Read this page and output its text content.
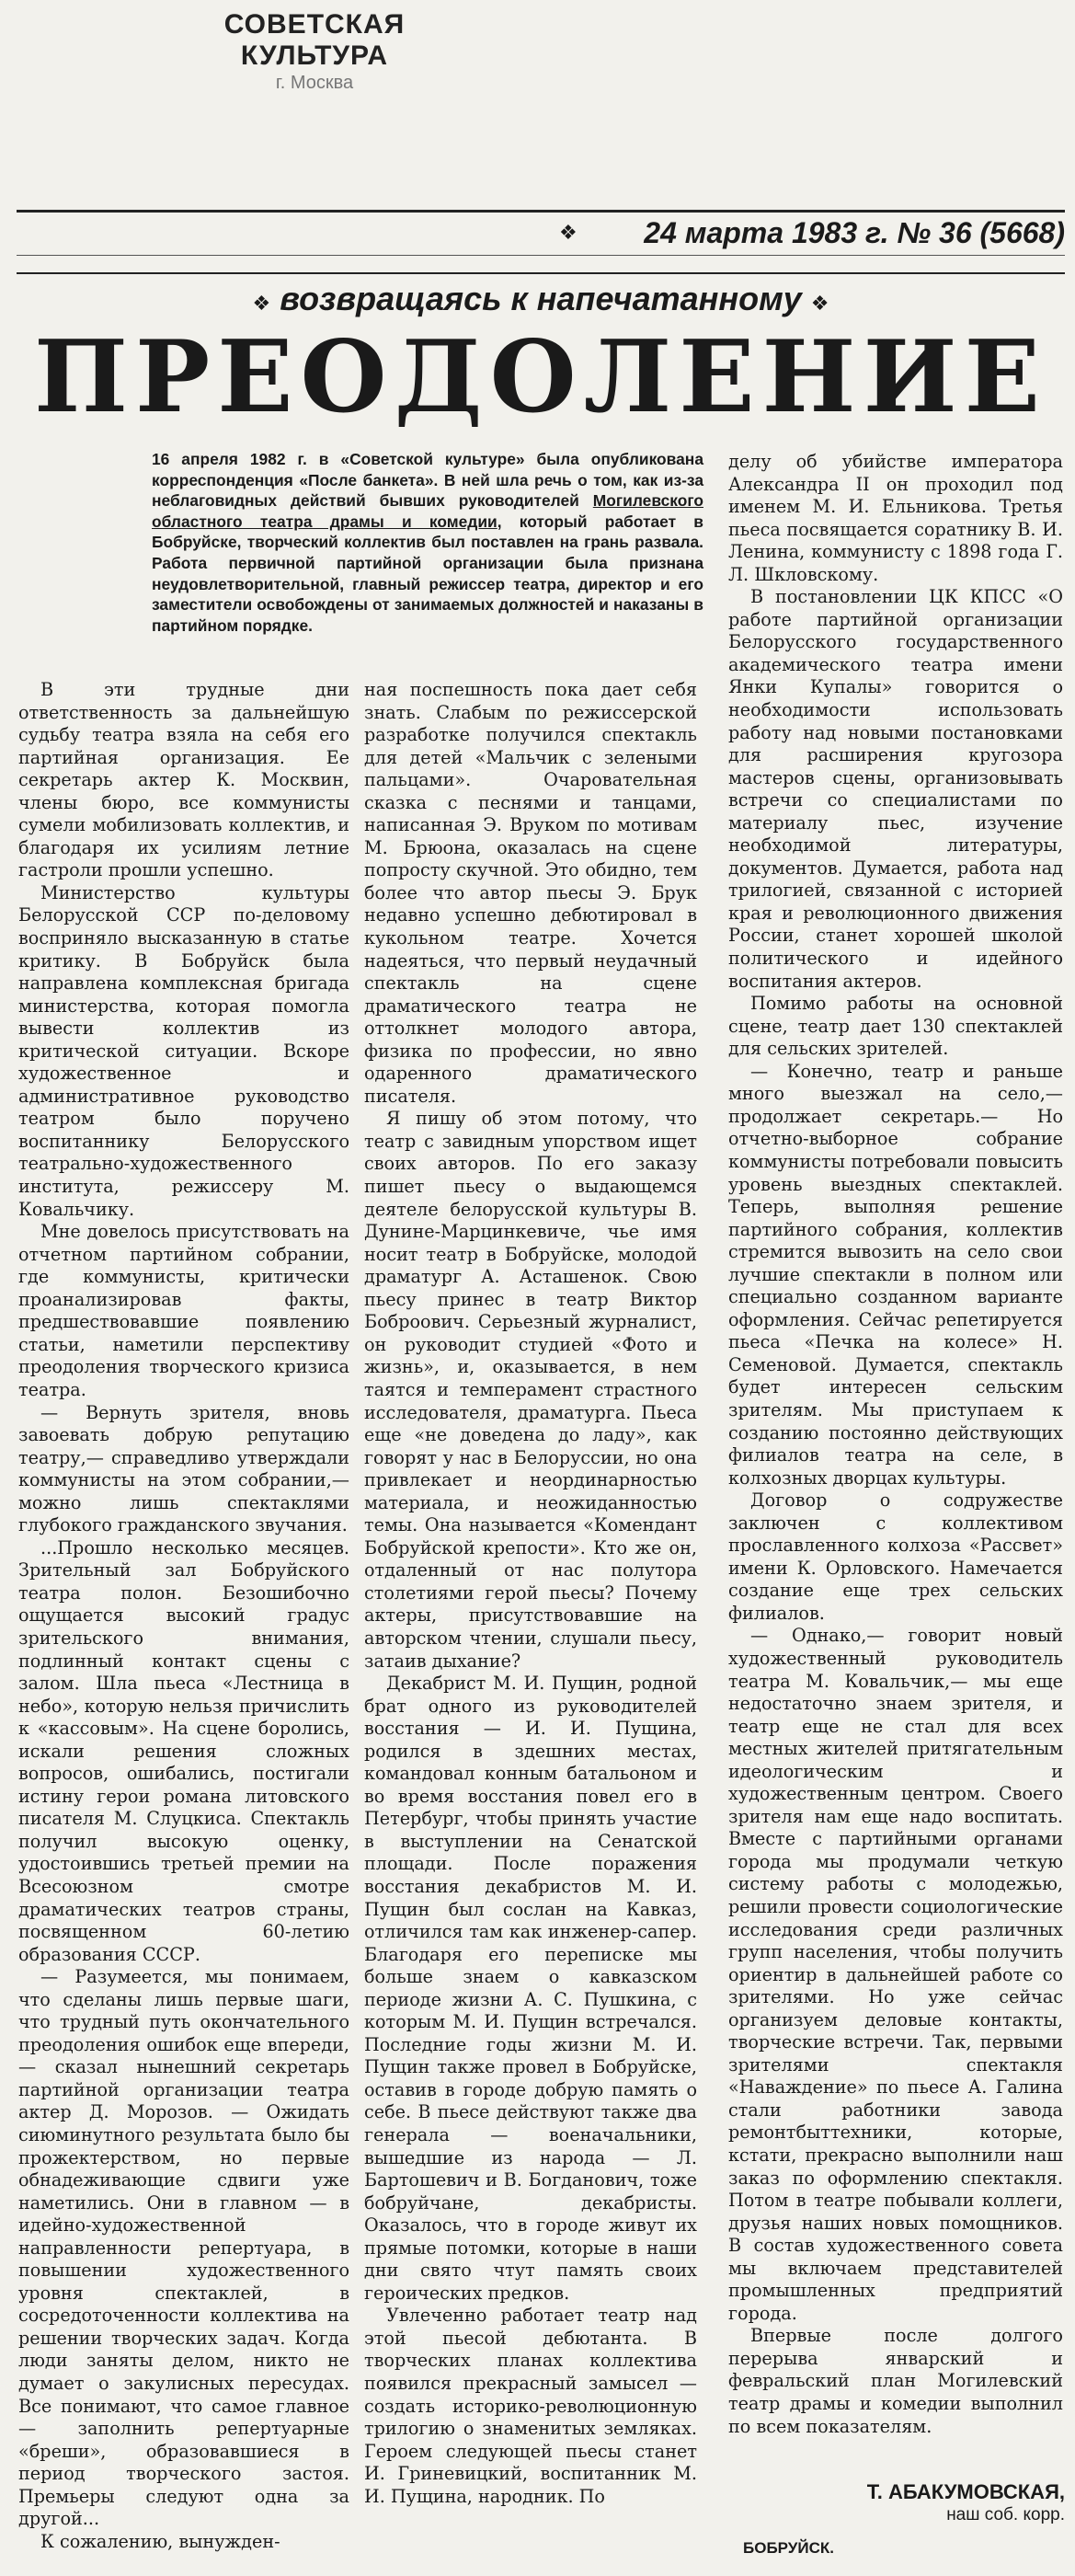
СОВЕТСКАЯ КУЛЬТУРА
г. Москва
❖ 24 марта 1983 г. № 36 (5668)
❖ возвращаясь к напечатанному ❖
ПРЕОДОЛЕНИЕ
16 апреля 1982 г. в «Советской культуре» была опубликована корреспонденция «После банкета». В ней шла речь о том, как из-за неблаговидных действий бывших руководителей Могилевского областного театра драмы и комедии, который работает в Бобруйске, творческий коллектив был поставлен на грань развала. Работа первичной партийной организации была признана неудовлетворительной, главный режиссер театра, директор и его заместители освобождены от занимаемых должностей и наказаны в партийном порядке.

В эти трудные дни ответственность за дальнейшую судьбу театра взяла на себя его партийная организация. Ее секретарь актер К. Москвин, члены бюро, все коммунисты сумели мобилизовать коллектив, и благодаря их усилиям летние гастроли прошли успешно.

Министерство культуры Белорусской ССР по-деловому восприняло высказанную в статье критику. В Бобруйск была направлена комплексная бригада министерства, которая помогла вывести коллектив из критической ситуации. Вскоре художественное и административное руководство театром было поручено воспитаннику Белорусского театрально-художественного института, режиссеру М. Ковальчику.

Мне довелось присутствовать на отчетном партийном собрании, где коммунисты, критически проанализировав факты, предшествовавшие появлению статьи, наметили перспективу преодоления творческого кризиса театра.

— Вернуть зрителя, вновь завоевать добрую репутацию театру,— справедливо утверждали коммунисты на этом собрании,— можно лишь спектаклями глубокого гражданского звучания.

...Прошло несколько месяцев. Зрительный зал Бобруйского театра полон. Безошибочно ощущается высокий градус зрительского внимания, подлинный контакт сцены с залом. Шла пьеса «Лестница в небо», которую нельзя причислить к «кассовым». На сцене боролись, искали решения сложных вопросов, ошибались, постигали истину герои романа литовского писателя М. Слуцкиса. Спектакль получил высокую оценку, удостоившись третьей премии на Всесоюзном смотре драматических театров страны, посвященном 60-летию образования СССР.

— Разумеется, мы понимаем, что сделаны лишь первые шаги, что трудный путь окончательного преодоления ошибок еще впереди,— сказал нынешний секретарь партийной организации театра актер Д. Морозов. — Ожидать сиюминутного результата было бы прожектерством, но первые обнадеживающие сдвиги уже наметились. Они в главном — в идейно-художественной направленности репертуара, в повышении художественного уровня спектаклей, в сосредоточенности коллектива на решении творческих задач. Когда люди заняты делом, никто не думает о закулисных пересудах. Все понимают, что самое главное — заполнить репертуарные «бреши», образовавшиеся в период творческого застоя. Премьеры следуют одна за другой...

К сожалению, вынужден-

ная поспешность пока дает себя знать. Слабым по режиссерской разработке получился спектакль для детей «Мальчик с зелеными пальцами». Очаровательная сказка с песнями и танцами, написанная Э. Вруком по мотивам М. Брюона, оказалась на сцене попросту скучной. Это обидно, тем более что автор пьесы Э. Брук недавно успешно дебютировал в кукольном театре. Хочется надеяться, что первый неудачный спектакль на сцене драматического театра не оттолкнет молодого автора, физика по профессии, но явно одаренного драматического писателя.

Я пишу об этом потому, что театр с завидным упорством ищет своих авторов. По его заказу пишет пьесу о выдающемся деятеле белорусской культуры В. Дунине-Марцинкевиче, чье имя носит театр в Бобруйске, молодой драматург А. Асташенок. Свою пьесу принес в театр Виктор Боброович. Серьезный журналист, он руководит студией «Фото и жизнь», и, оказывается, в нем таятся и темперамент страстного исследователя, драматурга. Пьеса еще «не доведена до ладу», как говорят у нас в Белоруссии, но она привлекает и неординарностью материала, и неожиданностью темы. Она называется «Комендант Бобруйской крепости». Кто же он, отдаленный от нас полутора столетиями герой пьесы? Почему актеры, присутствовавшие на авторском чтении, слушали пьесу, затаив дыхание?

Декабрист М. И. Пущин, родной брат одного из руководителей восстания — И. И. Пущина, родился в здешних местах, командовал конным батальоном и во время восстания повел его в Петербург, чтобы принять участие в выступлении на Сенатской площади. После поражения восстания декабристов М. И. Пущин был сослан на Кавказ, отличился там как инженер-сапер. Благодаря его переписке мы больше знаем о кавказском периоде жизни А. С. Пушкина, с которым М. И. Пущин встречался. Последние годы жизни М. И. Пущин также провел в Бобруйске, оставив в городе добрую память о себе. В пьесе действуют также два генерала — военачальники, вышедшие из народа — Л. Бартошевич и В. Богданович, тоже бобруйчане, декабристы. Оказалось, что в городе живут их прямые потомки, которые в наши дни свято чтут память своих героических предков.

Увлеченно работает театр над этой пьесой дебютанта. В творческих планах коллектива появился прекрасный замысел — создать историко-революционную трилогию о знаменитых земляках. Героем следующей пьесы станет И. Гриневицкий, воспитанник М. И. Пущина, народник. По

делу об убийстве императора Александра II он проходил под именем М. И. Ельникова. Третья пьеса посвящается соратнику В. И. Ленина, коммунисту с 1898 года Г. Л. Шкловскому.

В постановлении ЦК КПСС «О работе партийной организации Белорусского государственного академического театра имени Янки Купалы» говорится о необходимости использовать работу над новыми постановками для расширения кругозора мастеров сцены, организовывать встречи со специалистами по материалу пьес, изучение необходимой литературы, документов. Думается, работа над трилогией, связанной с историей края и революционного движения России, станет хорошей школой политического и идейного воспитания актеров.

Помимо работы на основной сцене, театр дает 130 спектаклей для сельских зрителей.

— Конечно, театр и раньше много выезжал на село,— продолжает секретарь.— Но отчетно-выборное собрание коммунисты потребовали повысить уровень выездных спектаклей. Теперь, выполняя решение партийного собрания, коллектив стремится вывозить на село свои лучшие спектакли в полном или специально созданном варианте оформления. Сейчас репетируется пьеса «Печка на колесе» Н. Семеновой. Думается, спектакль будет интересен сельским зрителям. Мы приступаем к созданию постоянно действующих филиалов театра на селе, в колхозных дворцах культуры.

Договор о содружестве заключен с коллективом прославленного колхоза «Рассвет» имени К. Орловского. Намечается создание еще трех сельских филиалов.

— Однако,— говорит новый художественный руководитель театра М. Ковальчик,— мы еще недостаточно знаем зрителя, и театр еще не стал для всех местных жителей притягательным идеологическим и художественным центром. Своего зрителя нам еще надо воспитать. Вместе с партийными органами города мы продумали четкую систему работы с молодежью, решили провести социологические исследования среди различных групп населения, чтобы получить ориентир в дальнейшей работе со зрителями. Но уже сейчас организуем деловые контакты, творческие встречи. Так, первыми зрителями спектакля «Наваждение» по пьесе А. Галина стали работники завода ремонтбыттехники, которые, кстати, прекрасно выполнили наш заказ по оформлению спектакля. Потом в театре побывали коллеги, друзья наших новых помощников. В состав художественного совета мы включаем представителей промышленных предприятий города.

Впервые после долгого перерыва январский и февральский план Могилевский театр драмы и комедии выполнил по всем показателям.

Т. АБАКУМОВСКАЯ,
наш соб. корр.
БОБРУЙСК.
